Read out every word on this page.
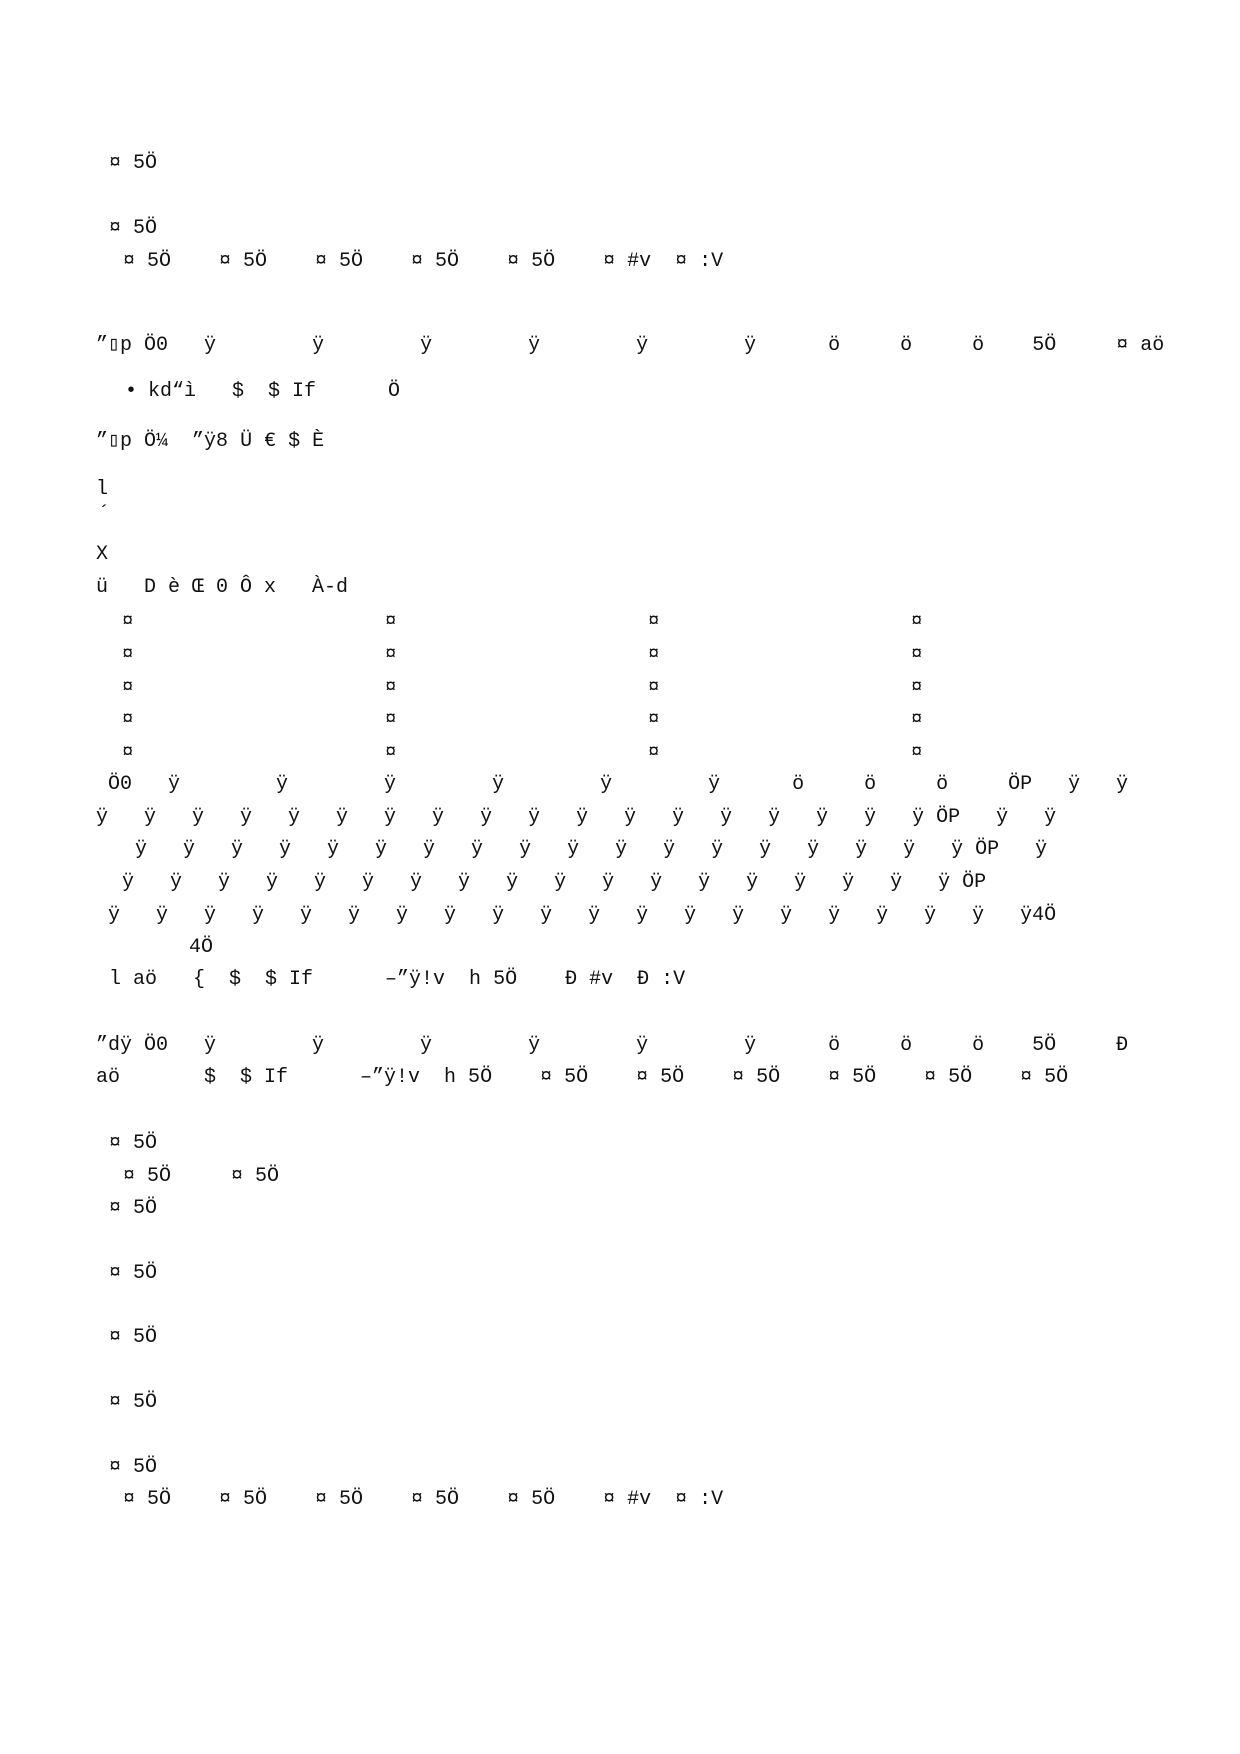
¤ 5Ö
¤ 5Ö
¤ 5Ö    ¤ 5Ö    ¤ 5Ö    ¤ 5Ö    ¤ 5Ö    ¤ #v  ¤ :V
”▯p Ö0   ÿ        ÿ        ÿ        ÿ        ÿ        ÿ      ö     ö     ö    5Ö     ¤ aö
• kd“ì   $  $ If      Ö
”▯p Ö¼  ”ÿ8 Ü € $ È
l
´
X
ü   D è Œ 0 Ô x   À-d
¤	¤	¤	¤
¤	¤	¤	¤
¤	¤	¤	¤
¤	¤	¤	¤
¤	¤	¤	¤
Ö0   ÿ        ÿ        ÿ        ÿ        ÿ        ÿ      ö     ö     ö     ÖP   ÿ   ÿ
ÿ   ÿ   ÿ   ÿ   ÿ   ÿ   ÿ   ÿ   ÿ   ÿ   ÿ   ÿ   ÿ   ÿ   ÿ   ÿ   ÿ   ÿ ÖP   ÿ   ÿ
ÿ   ÿ   ÿ   ÿ   ÿ   ÿ   ÿ   ÿ   ÿ   ÿ   ÿ   ÿ   ÿ   ÿ   ÿ   ÿ   ÿ   ÿ ÖP   ÿ
ÿ   ÿ   ÿ   ÿ   ÿ   ÿ   ÿ   ÿ   ÿ   ÿ   ÿ   ÿ   ÿ   ÿ   ÿ   ÿ   ÿ   ÿ ÖP
ÿ   ÿ   ÿ   ÿ   ÿ   ÿ   ÿ   ÿ   ÿ   ÿ   ÿ   ÿ   ÿ   ÿ   ÿ   ÿ   ÿ   ÿ   ÿ   ÿ4Ö
4Ö
l aö   {  $  $ If      –”ÿ!v  h 5Ö    Ð #v  Ð :V
”dÿ Ö0   ÿ        ÿ        ÿ        ÿ        ÿ        ÿ      ö     ö     ö    5Ö     Ð
aö       $  $ If      –”ÿ!v  h 5Ö    ¤ 5Ö    ¤ 5Ö    ¤ 5Ö    ¤ 5Ö    ¤ 5Ö    ¤ 5Ö
¤ 5Ö
¤ 5Ö     ¤ 5Ö
¤ 5Ö
¤ 5Ö
¤ 5Ö
¤ 5Ö
¤ 5Ö
¤ 5Ö    ¤ 5Ö    ¤ 5Ö    ¤ 5Ö    ¤ 5Ö    ¤ #v  ¤ :V
